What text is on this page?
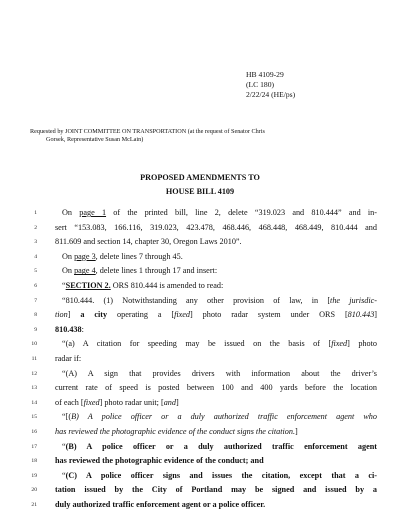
HB 4109-29
(LC 180)
2/22/24 (HE/ps)
Requested by JOINT COMMITTEE ON TRANSPORTATION (at the request of Senator Chris
Gorsek, Representative Susan McLain)
PROPOSED AMENDMENTS TO
HOUSE BILL 4109
1	On page 1 of the printed bill, line 2, delete “319.023 and 810.444” and in-
2 sert “153.083, 166.116, 319.023, 423.478, 468.446, 468.448, 468.449, 810.444 and
3 811.609 and section 14, chapter 30, Oregon Laws 2010”.
4	On page 3, delete lines 7 through 45.
5	On page 4, delete lines 1 through 17 and insert:
6	“SECTION 2. ORS 810.444 is amended to read:
7	“810.444. (1) Notwithstanding any other provision of law, in [the jurisdic-
8 tion] a city operating a [fixed] photo radar system under ORS [810.443]
9 810.438:
10	“(a) A citation for speeding may be issued on the basis of [fixed] photo
11 radar if:
12	“(A) A sign that provides drivers with information about the driver’s
13 current rate of speed is posted between 100 and 400 yards before the location
14 of each [fixed] photo radar unit; [and]
15	“[(B) A police officer or a duly authorized traffic enforcement agent who
16 has reviewed the photographic evidence of the conduct signs the citation.]
17	“(B) A police officer or a duly authorized traffic enforcement agent
18 has reviewed the photographic evidence of the conduct; and
19	“(C) A police officer signs and issues the citation, except that a ci-
20 tation issued by the City of Portland may be signed and issued by a
21 duly authorized traffic enforcement agent or a police officer.
